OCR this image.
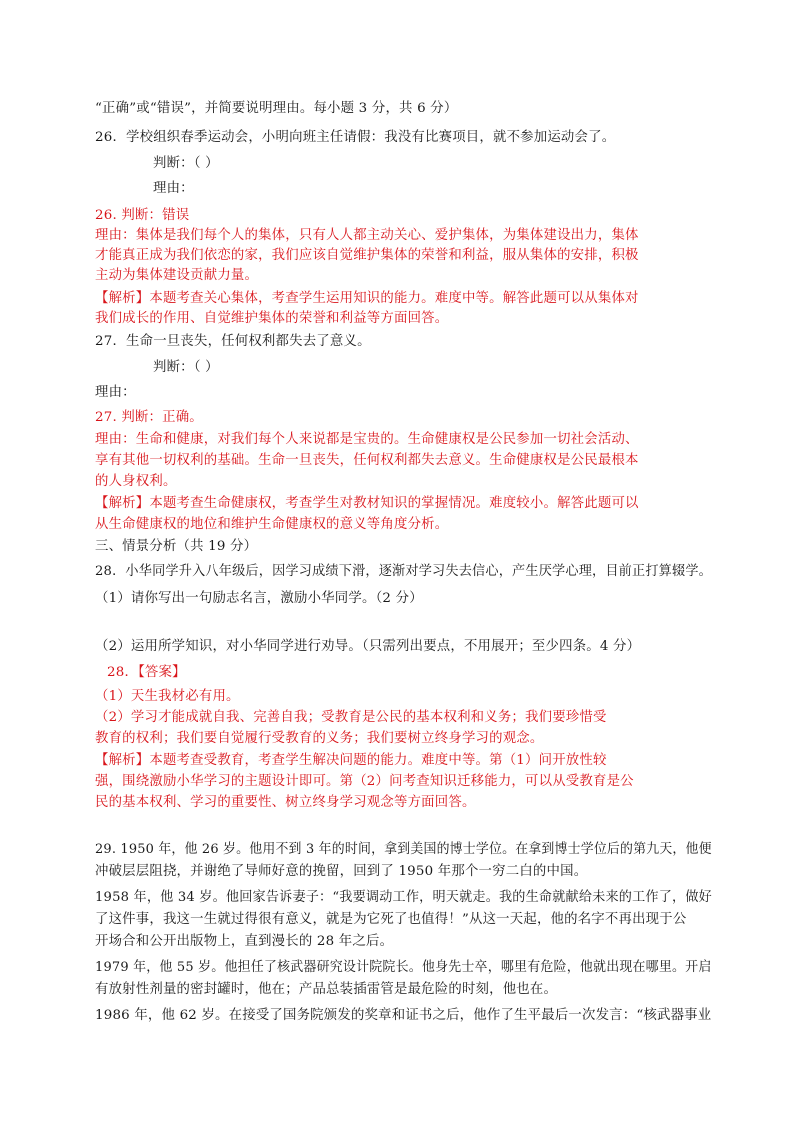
“正确”或“错误”，并简要说明理由。每小题 3 分，共 6 分）
26．学校组织春季运动会，小明向班主任请假：我没有比赛项目，就不参加运动会了。
判断：（ ）
理由：
26. 判断：错误
理由：集体是我们每个人的集体，只有人人都主动关心、爱护集体，为集体建设出力，集体
才能真正成为我们依恋的家，我们应该自觉维护集体的荣誉和利益，服从集体的安排，积极
主动为集体建设贡献力量。
【解析】本题考查关心集体，考查学生运用知识的能力。难度中等。解答此题可以从集体对
我们成长的作用、自觉维护集体的荣誉和利益等方面回答。
27．生命一旦丧失，任何权利都失去了意义。
判断：（ ）
理由：
27. 判断：正确。
理由：生命和健康，对我们每个人来说都是宝贵的。生命健康权是公民参加一切社会活动、
享有其他一切权利的基础。生命一旦丧失，任何权利都失去意义。生命健康权是公民最根本
的人身权利。
【解析】本题考查生命健康权，考查学生对教材知识的掌握情况。难度较小。解答此题可以
从生命健康权的地位和维护生命健康权的意义等角度分析。
三、情景分析（共 19 分）
28．小华同学升入八年级后，因学习成绩下滑，逐渐对学习失去信心，产生厌学心理，目前正打算辍学。
（1）请你写出一句励志名言，激励小华同学。（2 分）
（2）运用所学知识，对小华同学进行劝导。（只需列出要点，不用展开；至少四条。4 分）
28．【答案】
（1）天生我材必有用。
（2）学习才能成就自我、完善自我；受教育是公民的基本权利和义务；我们要珍惜受
教育的权利；我们要自觉履行受教育的义务；我们要树立终身学习的观念。
【解析】本题考查受教育，考查学生解决问题的能力。难度中等。第（1）问开放性较
强，围绕激励小华学习的主题设计即可。第（2）问考查知识迁移能力，可以从受教育是公
民的基本权利、学习的重要性、树立终身学习观念等方面回答。
29. 1950 年，他 26 岁。他用不到 3 年的时间，拿到美国的博士学位。在拿到博士学位后的第九天，他便
冲破层层阻挠，并谢绝了导师好意的挽留，回到了 1950 年那个一穷二白的中国。
1958 年，他 34 岁。他回家告诉妻子：“我要调动工作，明天就走。我的生命就献给未来的工作了，做好
了这件事，我这一生就过得很有意义，就是为它死了也值得！”从这一天起，他的名字不再出现于公
开场合和公开出版物上，直到漫长的 28 年之后。
1979 年，他 55 岁。他担任了核武器研究设计院院长。他身先士卒，哪里有危险，他就出现在哪里。开启
有放射性剂量的密封罐时，他在；产品总装插雷管是最危险的时刻，他也在。
1986 年，他 62 岁。在接受了国务院颁发的奖章和证书之后，他作了生平最后一次发言：“核武器事业
